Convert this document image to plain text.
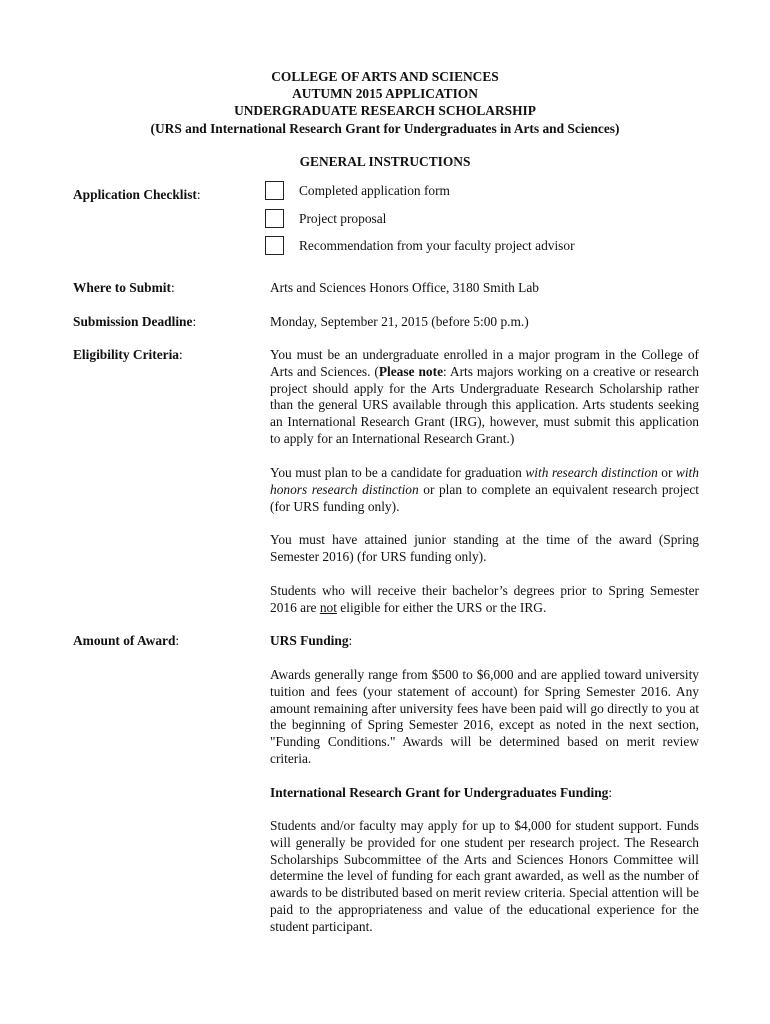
COLLEGE OF ARTS AND SCIENCES
AUTUMN 2015 APPLICATION
UNDERGRADUATE RESEARCH SCHOLARSHIP
(URS and International Research Grant for Undergraduates in Arts and Sciences)
GENERAL INSTRUCTIONS
Application Checklist:	Completed application form
Project proposal
Recommendation from your faculty project advisor
Where to Submit:	Arts and Sciences Honors Office, 3180 Smith Lab
Submission Deadline:	Monday, September 21, 2015 (before 5:00 p.m.)
Eligibility Criteria:	You must be an undergraduate enrolled in a major program in the College of Arts and Sciences. (Please note: Arts majors working on a creative or research project should apply for the Arts Undergraduate Research Scholarship rather than the general URS available through this application. Arts students seeking an International Research Grant (IRG), however, must submit this application to apply for an International Research Grant.)
You must plan to be a candidate for graduation with research distinction or with honors research distinction or plan to complete an equivalent research project (for URS funding only).
You must have attained junior standing at the time of the award (Spring Semester 2016) (for URS funding only).
Students who will receive their bachelor’s degrees prior to Spring Semester 2016 are not eligible for either the URS or the IRG.
Amount of Award:	URS Funding:
Awards generally range from $500 to $6,000 and are applied toward university tuition and fees (your statement of account) for Spring Semester 2016. Any amount remaining after university fees have been paid will go directly to you at the beginning of Spring Semester 2016, except as noted in the next section, "Funding Conditions." Awards will be determined based on merit review criteria.
International Research Grant for Undergraduates Funding:
Students and/or faculty may apply for up to $4,000 for student support. Funds will generally be provided for one student per research project. The Research Scholarships Subcommittee of the Arts and Sciences Honors Committee will determine the level of funding for each grant awarded, as well as the number of awards to be distributed based on merit review criteria. Special attention will be paid to the appropriateness and value of the educational experience for the student participant.
